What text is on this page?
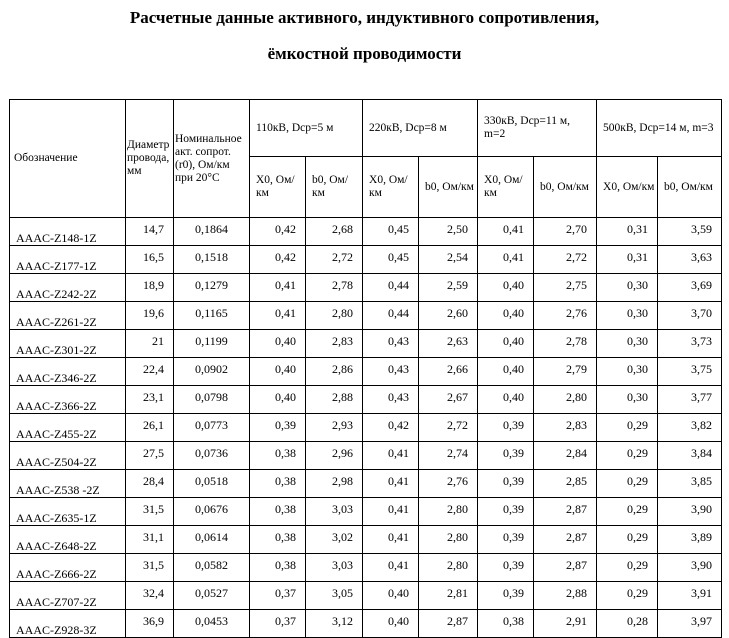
Расчетные данные активного, индуктивного сопротивления,
ёмкостной проводимости
Обозначение	Диаметр провода, мм	Номинальное акт. сопрот. (r0), Ом/км при 20°С	110кВ, Dср=5 м		220кВ, Dср=8 м		330кВ, Dср=11 м, m=2		500кВ, Dср=14 м, m=3	
			X0, Ом/км	b0, Ом/км	X0, Ом/км	b0, Ом/км	X0, Ом/км	b0, Ом/км	X0, Ом/км	b0, Ом/км
AAAC-Z148-1Z	14,7	0,1864	0,42	2,68	0,45	2,50	0,41	2,70	0,31	3,59
AAAC-Z177-1Z	16,5	0,1518	0,42	2,72	0,45	2,54	0,41	2,72	0,31	3,63
AAAC-Z242-2Z	18,9	0,1279	0,41	2,78	0,44	2,59	0,40	2,75	0,30	3,69
AAAC-Z261-2Z	19,6	0,1165	0,41	2,80	0,44	2,60	0,40	2,76	0,30	3,70
AAAC-Z301-2Z	21	0,1199	0,40	2,83	0,43	2,63	0,40	2,78	0,30	3,73
AAAC-Z346-2Z	22,4	0,0902	0,40	2,86	0,43	2,66	0,40	2,79	0,30	3,75
AAAC-Z366-2Z	23,1	0,0798	0,40	2,88	0,43	2,67	0,40	2,80	0,30	3,77
AAAC-Z455-2Z	26,1	0,0773	0,39	2,93	0,42	2,72	0,39	2,83	0,29	3,82
AAAC-Z504-2Z	27,5	0,0736	0,38	2,96	0,41	2,74	0,39	2,84	0,29	3,84
AAAC-Z538 -2Z	28,4	0,0518	0,38	2,98	0,41	2,76	0,39	2,85	0,29	3,85
AAAC-Z635-1Z	31,5	0,0676	0,38	3,03	0,41	2,80	0,39	2,87	0,29	3,90
AAAC-Z648-2Z	31,1	0,0614	0,38	3,02	0,41	2,80	0,39	2,87	0,29	3,89
AAAC-Z666-2Z	31,5	0,0582	0,38	3,03	0,41	2,80	0,39	2,87	0,29	3,90
AAAC-Z707-2Z	32,4	0,0527	0,37	3,05	0,40	2,81	0,39	2,88	0,29	3,91
AAAC-Z928-3Z	36,9	0,0453	0,37	3,12	0,40	2,87	0,38	2,91	0,28	3,97
